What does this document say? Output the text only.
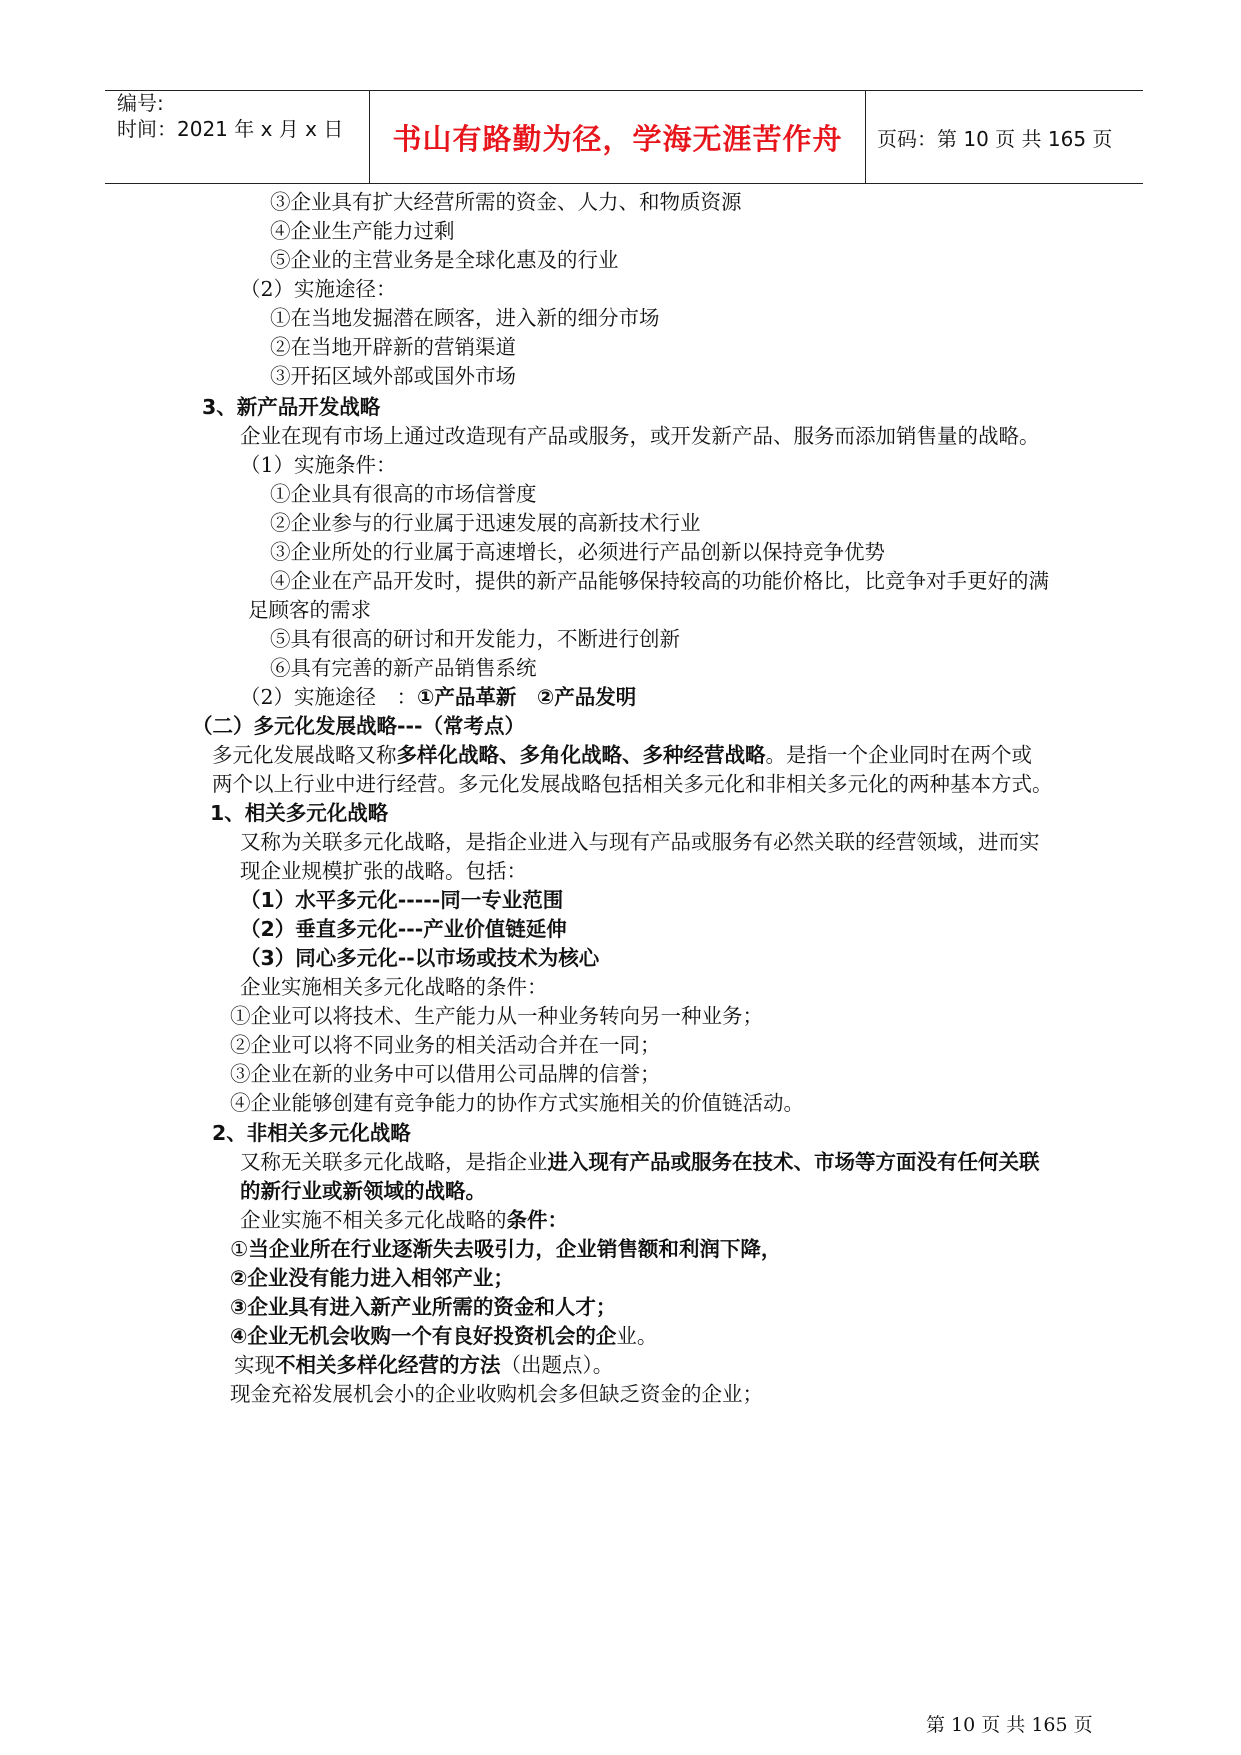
编号:
时间：2021 年 x 月 x 日 书山有路勤为径，学海无涯苦作舟	页码：第 10 页 共 165 页
③企业具有扩大经营所需的资金、人力、和物质资源
④企业生产能力过剩
⑤企业的主营业务是全球化惠及的行业
（2）实施途径：
①在当地发掘潜在顾客，进入新的细分市场
②在当地开辟新的营销渠道
③开拓区域外部或国外市场
3、新产品开发战略
企业在现有市场上通过改造现有产品或服务，或开发新产品、服务而添加销售量的战略。
（1）实施条件：
①企业具有很高的市场信誉度
②企业参与的行业属于迅速发展的高新技术行业
③企业所处的行业属于高速增长，必须进行产品创新以保持竞争优势
④企业在产品开发时，提供的新产品能够保持较高的功能价格比，比竞争对手更好的满
足顾客的需求
⑤具有很高的研讨和开发能力，不断进行创新
⑥具有完善的新产品销售系统
（2）实施途径　：①产品革新　②产品发明
（二）多元化发展战略---（常考点）
多元化发展战略又称多样化战略、多角化战略、多种经营战略。是指一个企业同时在两个或
两个以上行业中进行经营。多元化发展战略包括相关多元化和非相关多元化的两种基本方式。
1、相关多元化战略
又称为关联多元化战略，是指企业进入与现有产品或服务有必然关联的经营领域，进而实
现企业规模扩张的战略。包括：
（1）水平多元化-----同一专业范围
（2）垂直多元化---产业价值链延伸
（3）同心多元化--以市场或技术为核心
企业实施相关多元化战略的条件：
①企业可以将技术、生产能力从一种业务转向另一种业务；
②企业可以将不同业务的相关活动合并在一同；
③企业在新的业务中可以借用公司品牌的信誉；
④企业能够创建有竞争能力的协作方式实施相关的价值链活动。
2、非相关多元化战略
又称无关联多元化战略，是指企业进入现有产品或服务在技术、市场等方面没有任何关联
的新行业或新领域的战略。
企业实施不相关多元化战略的条件：
①当企业所在行业逐渐失去吸引力，企业销售额和利润下降，
②企业没有能力进入相邻产业；
③企业具有进入新产业所需的资金和人才；
④企业无机会收购一个有良好投资机会的企业。
实现不相关多样化经营的方法（出题点）。
现金充裕发展机会小的企业收购机会多但缺乏资金的企业；
第 10 页 共 165 页
